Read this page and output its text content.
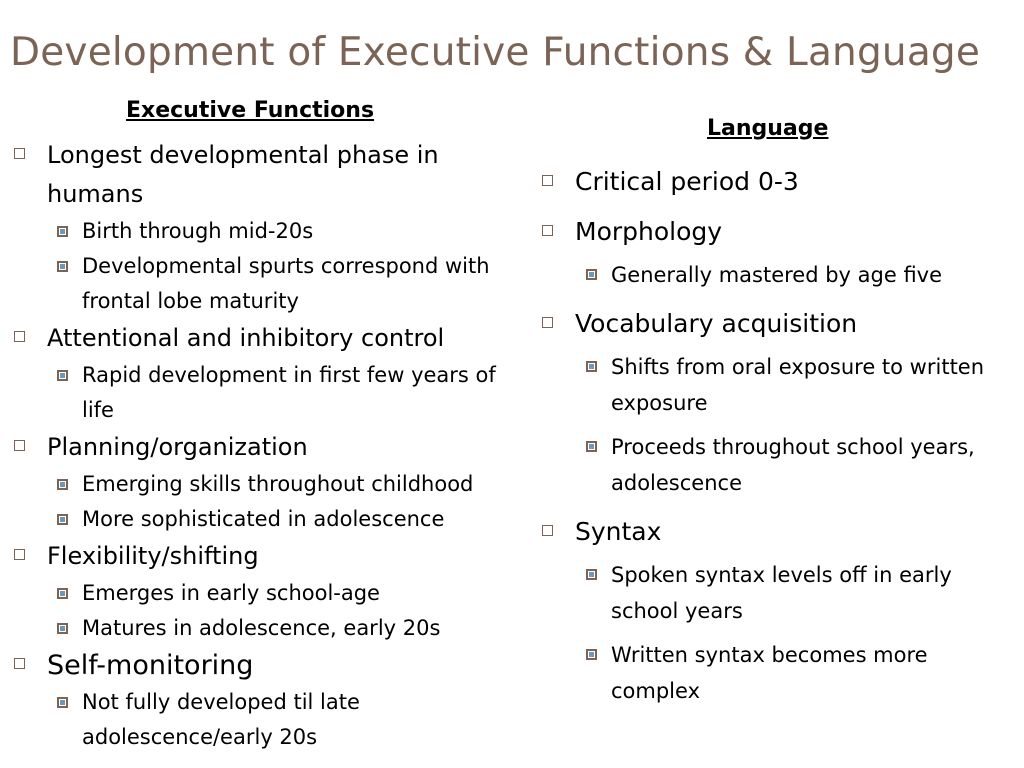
Development of Executive Functions & Language
Executive Functions
Language
Longest developmental phase in humans
Birth through mid-20s
Developmental spurts correspond with frontal lobe maturity
Attentional and inhibitory control
Rapid development in first few years of life
Planning/organization
Emerging skills throughout childhood
More sophisticated in adolescence
Flexibility/shifting
Emerges in early school-age
Matures in adolescence, early 20s
Self-monitoring
Not fully developed til late adolescence/early 20s
Critical period 0-3
Morphology
Generally mastered by age five
Vocabulary acquisition
Shifts from oral exposure to written exposure
Proceeds throughout school years, adolescence
Syntax
Spoken syntax levels off in early school years
Written syntax becomes more complex
